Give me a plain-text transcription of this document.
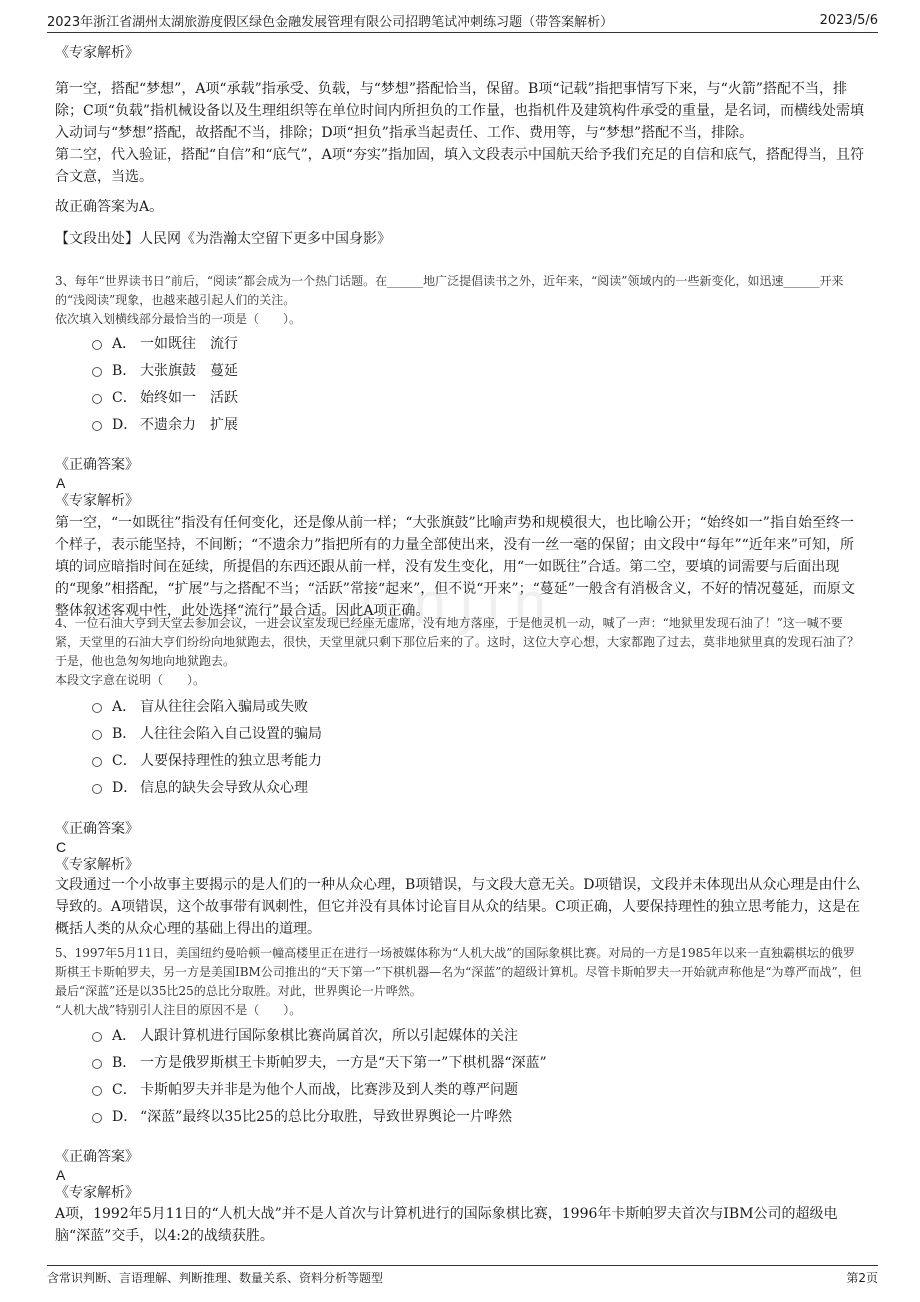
2023年浙江省湖州太湖旅游度假区绿色金融发展管理有限公司招聘笔试冲刺练习题（带答案解析）	2023/5/6
jinjin

《专家解析》

第一空，搭配“梦想”，A项“承载”指承受、负载，与“梦想”搭配恰当，保留。B项“记载”指把事情写下来，与“火箭”搭配不当，排除；C项“负载”指机械设备以及生理组织等在单位时间内所担负的工作量，也指机件及建筑构件承受的重量，是名词，而横线处需填入动词与“梦想”搭配，故搭配不当，排除；D项“担负”指承当起责任、工作、费用等，与“梦想”搭配不当，排除。

第二空，代入验证，搭配“自信”和“底气”，A项“夯实”指加固，填入文段表示中国航天给予我们充足的自信和底气，搭配得当，且符合文意，当选。

故正确答案为A。

【文段出处】人民网《为浩瀚太空留下更多中国身影》

3、每年“世界读书日”前后，“阅读”都会成为一个热门话题。在______地广泛提倡读书之外，近年来，“阅读”领域内的一些新变化，如迅速______开来的“浅阅读”现象，也越来越引起人们的关注。

依次填入划横线部分最恰当的一项是（　　）。

A． 一如既往　流行
B． 大张旗鼓　蔓延
C． 始终如一　活跃
D． 不遗余力　扩展

《正确答案》

A

《专家解析》

第一空，“一如既往”指没有任何变化，还是像从前一样；“大张旗鼓”比喻声势和规模很大，也比喻公开；“始终如一”指自始至终一个样子，表示能坚持，不间断；“不遗余力”指把所有的力量全部使出来，没有一丝一毫的保留；由文段中“每年”“近年来”可知，所填的词应暗指时间在延续，所提倡的东西还跟从前一样，没有发生变化，用“一如既往”合适。第二空，要填的词需要与后面出现的“现象”相搭配，“扩展”与之搭配不当；“活跃”常接“起来”，但不说“开来”；“蔓延”一般含有消极含义，不好的情况蔓延，而原文整体叙述客观中性，此处选择“流行”最合适。因此A项正确。

4、一位石油大亨到天堂去参加会议，一进会议室发现已经座无虚席，没有地方落座，于是他灵机一动，喊了一声：“地狱里发现石油了！”这一喊不要紧，天堂里的石油大亨们纷纷向地狱跑去，很快，天堂里就只剩下那位后来的了。这时，这位大亨心想，大家都跑了过去，莫非地狱里真的发现石油了？于是，他也急匆匆地向地狱跑去。

本段文字意在说明（　　）。

A． 盲从往往会陷入骗局或失败
B． 人往往会陷入自己设置的骗局
C． 人要保持理性的独立思考能力
D． 信息的缺失会导致从众心理

《正确答案》

C

《专家解析》

文段通过一个小故事主要揭示的是人们的一种从众心理，B项错误，与文段大意无关。D项错误，文段并未体现出从众心理是由什么导致的。A项错误，这个故事带有讽刺性，但它并没有具体讨论盲目从众的结果。C项正确，人要保持理性的独立思考能力，这是在概括人类的从众心理的基础上得出的道理。

5、1997年5月11日，美国纽约曼哈顿一幢高楼里正在进行一场被媒体称为“人机大战”的国际象棋比赛。对局的一方是1985年以来一直独霸棋坛的俄罗斯棋王卡斯帕罗夫，另一方是美国IBM公司推出的“天下第一”下棋机器—名为“深蓝”的超级计算机。尽管卡斯帕罗夫一开始就声称他是“为尊严而战”，但最后“深蓝”还是以35比25的总比分取胜。对此，世界舆论一片哗然。

“人机大战”特别引人注目的原因不是（　　）。

A． 人跟计算机进行国际象棋比赛尚属首次，所以引起媒体的关注
B． 一方是俄罗斯棋王卡斯帕罗夫，一方是“天下第一”下棋机器“深蓝”
C． 卡斯帕罗夫并非是为他个人而战，比赛涉及到人类的尊严问题
D． “深蓝”最终以35比25的总比分取胜，导致世界舆论一片哗然

《正确答案》

A

《专家解析》

A项，1992年5月11日的“人机大战”并不是人首次与计算机进行的国际象棋比赛，1996年卡斯帕罗夫首次与IBM公司的超级电脑“深蓝”交手，以4:2的战绩获胜。

含常识判断、言语理解、判断推理、数量关系、资料分析等题型	第2页
